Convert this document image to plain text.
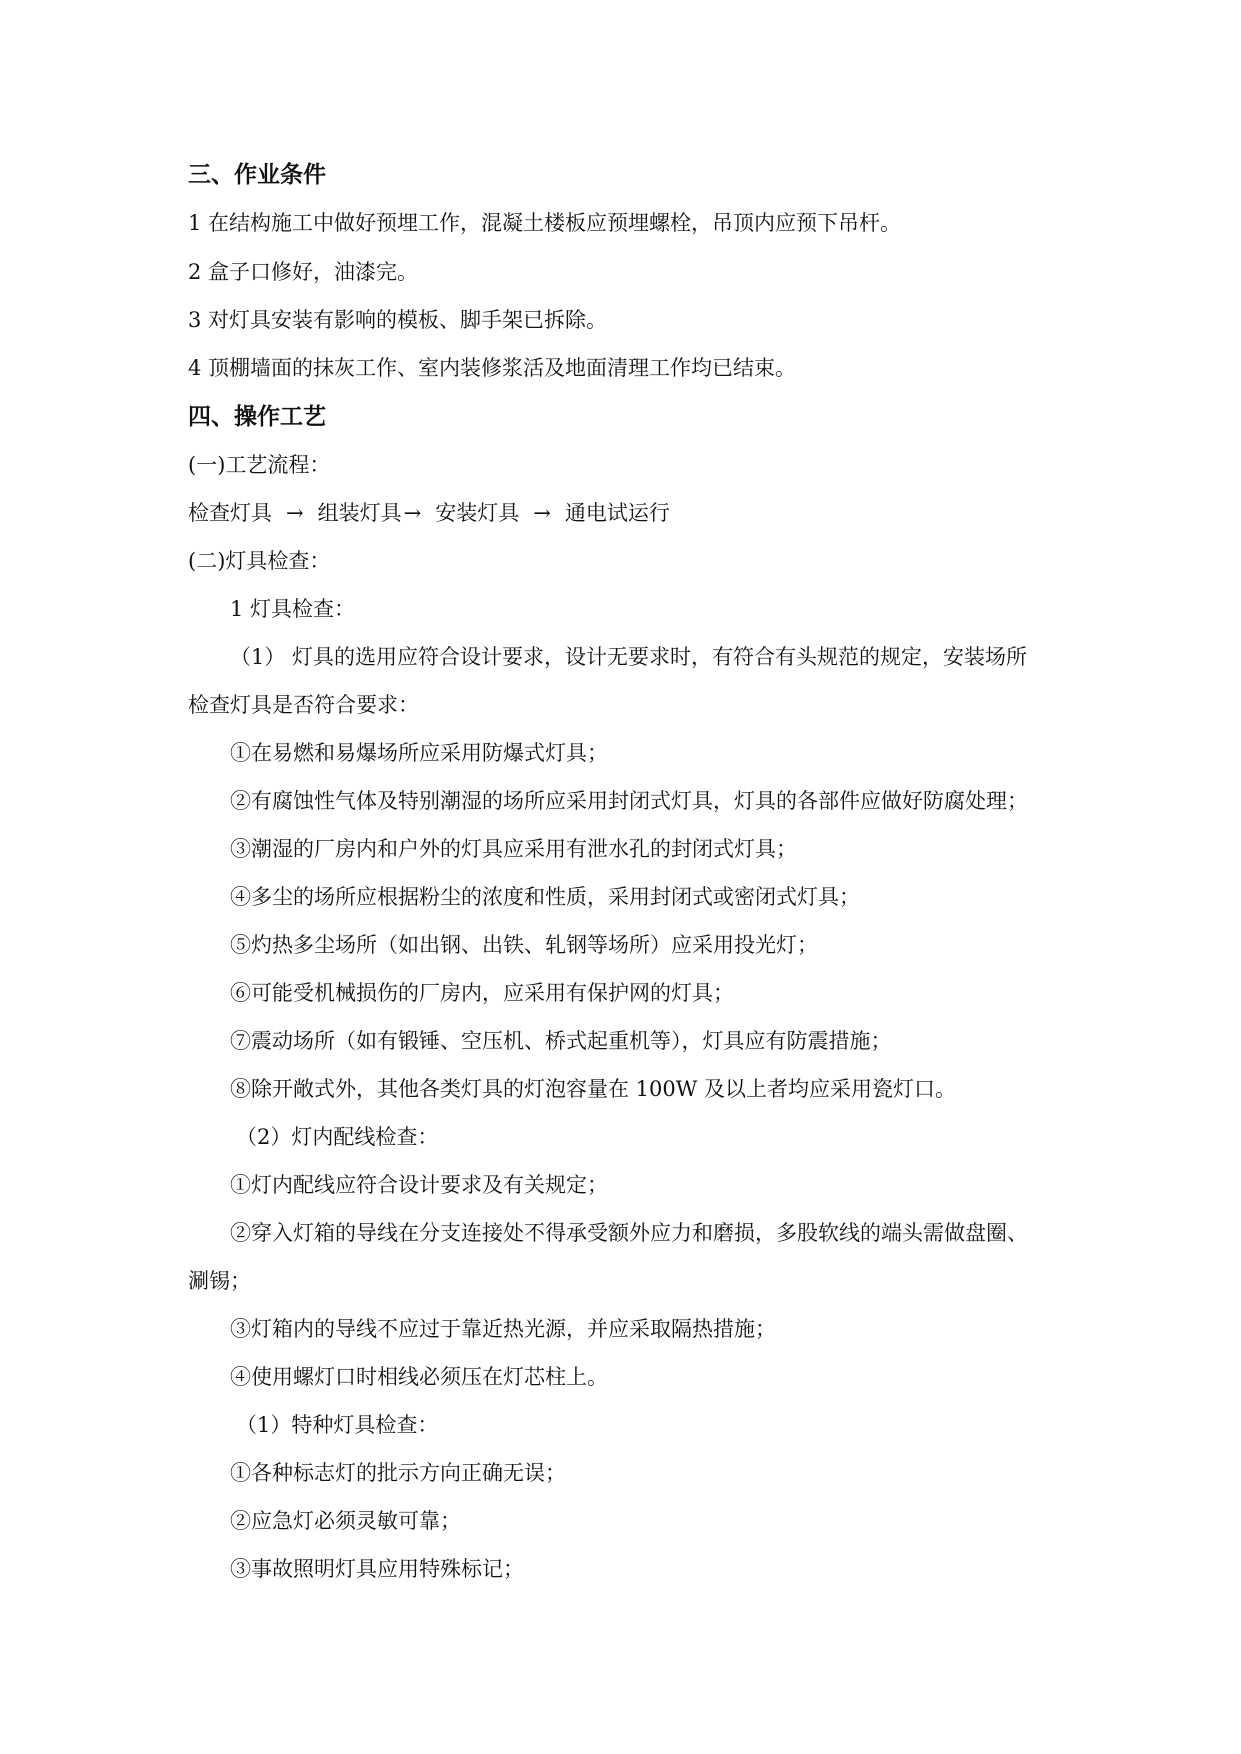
三、作业条件
1 在结构施工中做好预埋工作，混凝土楼板应预埋螺栓，吊顶内应预下吊杆。
2 盒子口修好，油漆完。
3 对灯具安装有影响的模板、脚手架已拆除。
4 顶棚墙面的抹灰工作、室内装修浆活及地面清理工作均已结束。
四、操作工艺
(一)工艺流程：
检查灯具 → 组装灯具→ 安装灯具 → 通电试运行
(二)灯具检查：
1 灯具检查：
（1） 灯具的选用应符合设计要求，设计无要求时，有符合有头规范的规定，安装场所
检查灯具是否符合要求：
①在易燃和易爆场所应采用防爆式灯具；
②有腐蚀性气体及特别潮湿的场所应采用封闭式灯具，灯具的各部件应做好防腐处理；
③潮湿的厂房内和户外的灯具应采用有泄水孔的封闭式灯具；
④多尘的场所应根据粉尘的浓度和性质，采用封闭式或密闭式灯具；
⑤灼热多尘场所（如出钢、出铁、轧钢等场所）应采用投光灯；
⑥可能受机械损伤的厂房内，应采用有保护网的灯具；
⑦震动场所（如有锻锤、空压机、桥式起重机等），灯具应有防震措施；
⑧除开敞式外，其他各类灯具的灯泡容量在 100W 及以上者均应采用瓷灯口。
（2）灯内配线检查：
①灯内配线应符合设计要求及有关规定；
②穿入灯箱的导线在分支连接处不得承受额外应力和磨损，多股软线的端头需做盘圈、
涮锡；
③灯箱内的导线不应过于靠近热光源，并应采取隔热措施；
④使用螺灯口时相线必须压在灯芯柱上。
（1）特种灯具检查：
①各种标志灯的批示方向正确无误；
②应急灯必须灵敏可靠；
③事故照明灯具应用特殊标记；
